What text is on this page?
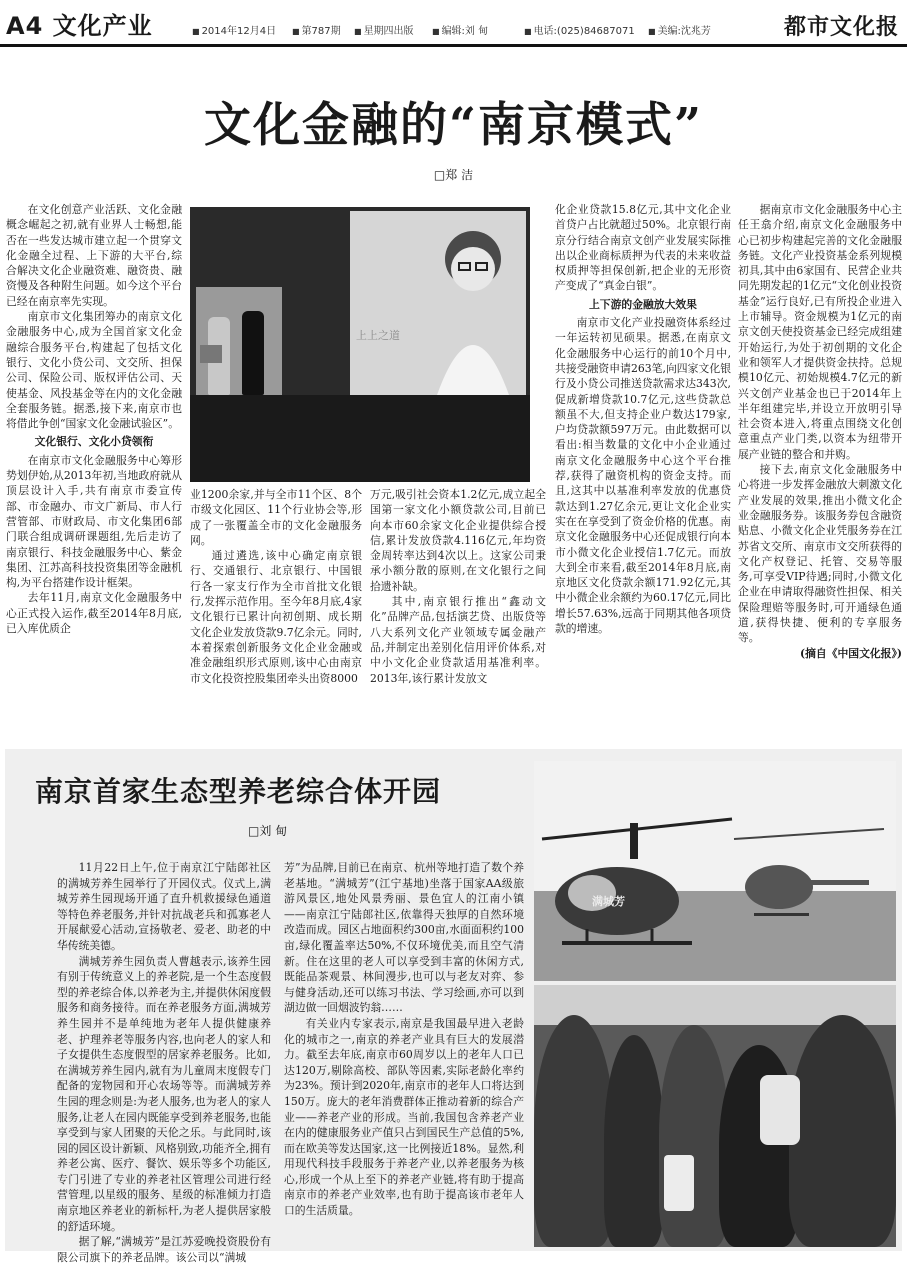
A4 文化产业	■ 2014年12月4日	■ 第787期	■ 星期四出版	■ 编辑:刘 甸	■ 电话:(025)84687071	■ 美编:沈兆芳	都市文化报
文化金融的“南京模式”
□郑 洁

在文化创意产业活跃、文化金融概念崛起之初,就有业界人士畅想,能否在一些发达城市建立起一个贯穿文化金融全过程、上下游的大平台,综合解决文化企业融资难、融资贵、融资慢及各种附生问题。如今这个平台已经在南京率先实现。

南京市文化集团筹办的南京文化金融服务中心,成为全国首家文化金融综合服务平台,构建起了包括文化银行、文化小贷公司、文交所、担保公司、保险公司、版权评估公司、天使基金、风投基金等在内的文化金融全套服务链。据悉,接下来,南京市也将借此争创“国家文化金融试验区”。

文化银行、文化小贷领衔

在南京市文化金融服务中心筹形势划伊始,从2013年初,当地政府就从顶层设计入手,共有南京市委宣传部、市金融办、市文广新局、市人行营管部、市财政局、市文化集团6部门联合组成调研课题组,先后走访了南京银行、科技金融服务中心、紫金集团、江苏高科技投资集团等金融机构,为平台搭建作设计框架。

去年11月,南京文化金融服务中心正式投入运作,截至2014年8月底,已入库优质企

上上之道

业1200余家,并与全市11个区、8个市级文化园区、11个行业协会等,形成了一张覆盖全市的文化金融服务网。

通过遴选,该中心确定南京银行、交通银行、北京银行、中国银行各一家支行作为全市首批文化银行,发挥示范作用。至今年8月底,4家文化银行已累计向初创期、成长期文化企业发放贷款9.7亿余元。同时,本着探索创新服务文化企业金融或准金融组织形式原则,该中心由南京市文化投资控股集团牵头出资8000

万元,吸引社会资本1.2亿元,成立起全国第一家文化小额贷款公司,目前已向本市60余家文化企业提供综合授信,累计发放贷款4.116亿元,年均资金周转率达到4次以上。这家公司秉承小额分散的原则,在文化银行之间拾遗补缺。

其中,南京银行推出“鑫动文化”品牌产品,包括演艺贷、出版贷等八大系列文化产业领域专属金融产品,并制定出差别化信用评价体系,对中小文化企业贷款适用基准利率。2013年,该行累计发放文

化企业贷款15.8亿元,其中文化企业首贷户占比就超过50%。北京银行南京分行结合南京文创产业发展实际推出以企业商标质押为代表的未来收益权质押等担保创新,把企业的无形资产变成了“真金白银”。

上下游的金融放大效果

南京市文化产业投融资体系经过一年运转初见硕果。据悉,在南京文化金融服务中心运行的前10个月中,共接受融资申请263笔,向四家文化银行及小贷公司推送贷款需求达343次,促成新增贷款10.7亿元,这些贷款总额虽不大,但支持企业户数达179家,户均贷款额597万元。由此数据可以看出:相当数量的文化中小企业通过南京文化金融服务中心这个平台推荐,获得了融资机构的资金支持。而且,这其中以基准利率发放的优惠贷款达到1.27亿余元,更让文化企业实实在在享受到了资金价格的优惠。南京文化金融服务中心还促成银行向本市小微文化企业授信1.7亿元。而放大到全市来看,截至2014年8月底,南京地区文化贷款余额171.92亿元,其中小微企业余额约为60.17亿元,同比增长57.63%,远高于同期其他各项贷款的增速。

据南京市文化金融服务中心主任王翕介绍,南京文化金融服务中心已初步构建起完善的文化金融服务链。文化产业投资基金系列规模初具,其中由6家国有、民营企业共同先期发起的1亿元“文化创业投资基金”运行良好,已有所投企业进入上市辅导。资金规模为1亿元的南京文创天使投资基金已经完成组建开始运行,为处于初创期的文化企业和领军人才提供资金扶持。总规模10亿元、初始规模4.7亿元的新兴文创产业基金也已于2014年上半年组建完毕,并设立开放明引导社会资本进入,将重点围绕文化创意重点产业门类,以资本为纽带开展产业链的整合和并购。

接下去,南京文化金融服务中心将进一步发挥金融放大刺激文化产业发展的效果,推出小微文化企业金融服务券。该服务券包含融资贴息、小微文化企业凭服务券在江苏省文交所、南京市文交所获得的文化产权登记、托管、交易等服务,可享受VIP待遇;同时,小微文化企业在申请取得融资性担保、相关保险理赔等服务时,可开通绿色通道,获得快捷、便利的专享服务等。

(摘自《中国文化报》)

南京首家生态型养老综合体开园
□刘 甸

11月22日上午,位于南京江宁陆郎社区的满城芳养生园举行了开园仪式。仪式上,满城芳养生园现场开通了直升机救援绿色通道等特色养老服务,并针对抗战老兵和孤寡老人开展献爱心活动,宣扬敬老、爱老、助老的中华传统美德。

满城芳养生园负责人曹越表示,该养生园有别于传统意义上的养老院,是一个生态度假型的养老综合体,以养老为主,并提供休闲度假服务和商务接待。而在养老服务方面,满城芳养生园并不是单纯地为老年人提供健康养老、护理养老等服务内容,也向老人的家人和子女提供生态度假型的居家养老服务。比如,在满城芳养生园内,就有为儿童周末度假专门配备的宠物园和开心农场等等。而满城芳养生园的理念则是:为老人服务,也为老人的家人服务,让老人在园内既能享受到养老服务,也能享受到与家人团聚的天伦之乐。与此同时,该园的园区设计新颖、风格别致,功能齐全,拥有养老公寓、医疗、餐饮、娱乐等多个功能区,专门引进了专业的养老社区管理公司进行经营管理,以星级的服务、星级的标准倾力打造南京地区养老业的新标杆,为老人提供居家般的舒适环境。

据了解,“满城芳”是江苏爱晚投资股份有限公司旗下的养老品牌。该公司以“满城

芳”为品牌,目前已在南京、杭州等地打造了数个养老基地。“满城芳”(江宁基地)坐落于国家AA级旅游风景区,地处风景秀丽、景色宜人的江南小镇——南京江宁陆郎社区,依靠得天独厚的自然环境改造而成。园区占地面积约300亩,水面面积约100亩,绿化覆盖率达50%,不仅环境优美,而且空气清新。住在这里的老人可以享受到丰富的休闲方式,既能品茶观景、林间漫步,也可以与老友对弈、参与健身活动,还可以练习书法、学习绘画,亦可以到湖边做一回烟波钓翁……

有关业内专家表示,南京是我国最早进入老龄化的城市之一,南京的养老产业具有巨大的发展潜力。截至去年底,南京市60周岁以上的老年人口已达120万,剔除高校、部队等因素,实际老龄化率约为23%。预计到2020年,南京市的老年人口将达到150万。庞大的老年消费群体正推动着新的综合产业——养老产业的形成。当前,我国包含养老产业在内的健康服务业产值只占到国民生产总值的5%,而在欧美等发达国家,这一比例接近18%。显然,利用现代科技手段服务于养老产业,以养老服务为核心,形成一个从上至下的养老产业链,将有助于提高南京市的养老产业效率,也有助于提高该市老年人口的生活质量。

满城芳
